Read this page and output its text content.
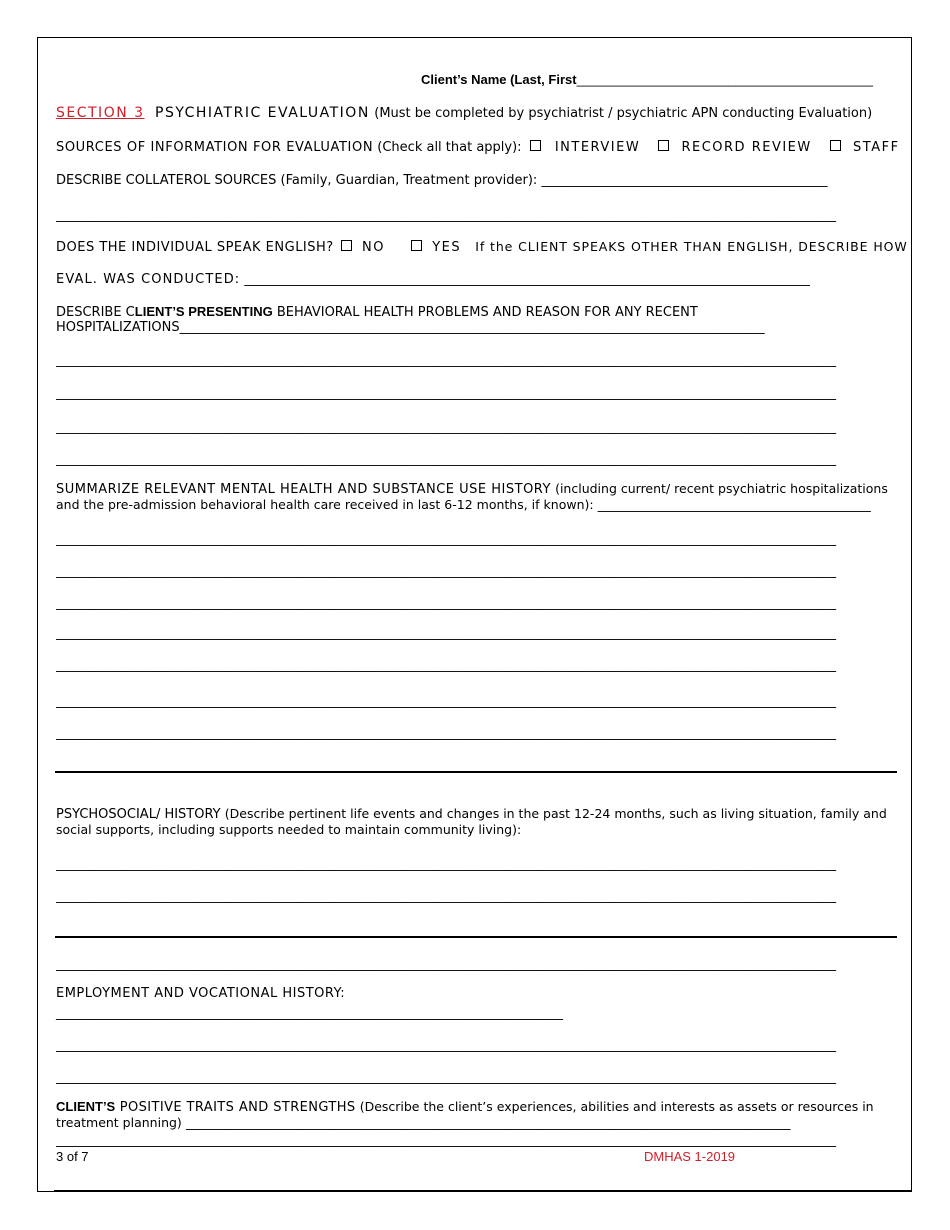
Client’s Name (Last, First_________________________________________
SECTION 3 PSYCHIATRIC EVALUATION (Must be completed by psychiatrist / psychiatric APN conducting Evaluation)
SOURCES OF INFORMATION FOR EVALUATION (Check all that apply):	INTERVIEW	RECORD REVIEW	STAFF
DESCRIBE COLLATEROL SOURCES (Family, Guardian, Treatment provider): ____________________________________________
________________________________________________________________________________________________________________________
DOES THE INDIVIDUAL SPEAK ENGLISH? NO	YES If the CLIENT SPEAKS OTHER THAN ENGLISH, DESCRIBE HOW
EVAL. WAS CONDUCTED: _______________________________________________________________________________________
DESCRIBE CLIENT’S PRESENTING BEHAVIORAL HEALTH PROBLEMS AND REASON FOR ANY RECENT
HOSPITALIZATIONS__________________________________________________________________________________________
________________________________________________________________________________________________________________________
________________________________________________________________________________________________________________________
________________________________________________________________________________________________________________________
________________________________________________________________________________________________________________________
SUMMARIZE RELEVANT MENTAL HEALTH AND SUBSTANCE USE HISTORY (including current/ recent psychiatric hospitalizations
and the pre-admission behavioral health care received in last 6-12 months, if known): __________________________________________
________________________________________________________________________________________________________________________
________________________________________________________________________________________________________________________
________________________________________________________________________________________________________________________
________________________________________________________________________________________________________________________
________________________________________________________________________________________________________________________
________________________________________________________________________________________________________________________
________________________________________________________________________________________________________________________
PSYCHOSOCIAL/ HISTORY (Describe pertinent life events and changes in the past 12-24 months, such as living situation, family and
social supports, including supports needed to maintain community living):
________________________________________________________________________________________________________________________
________________________________________________________________________________________________________________________
________________________________________________________________________________________________________________________
EMPLOYMENT AND VOCATIONAL HISTORY:
______________________________________________________________________________
________________________________________________________________________________________________________________________
________________________________________________________________________________________________________________________
CLIENT’S POSITIVE TRAITS AND STRENGTHS (Describe the client’s experiences, abilities and interests as assets or resources in
treatment planning) _____________________________________________________________________________________________
________________________________________________________________________________________________________________________
3 of 7	DMHAS 1-2019
